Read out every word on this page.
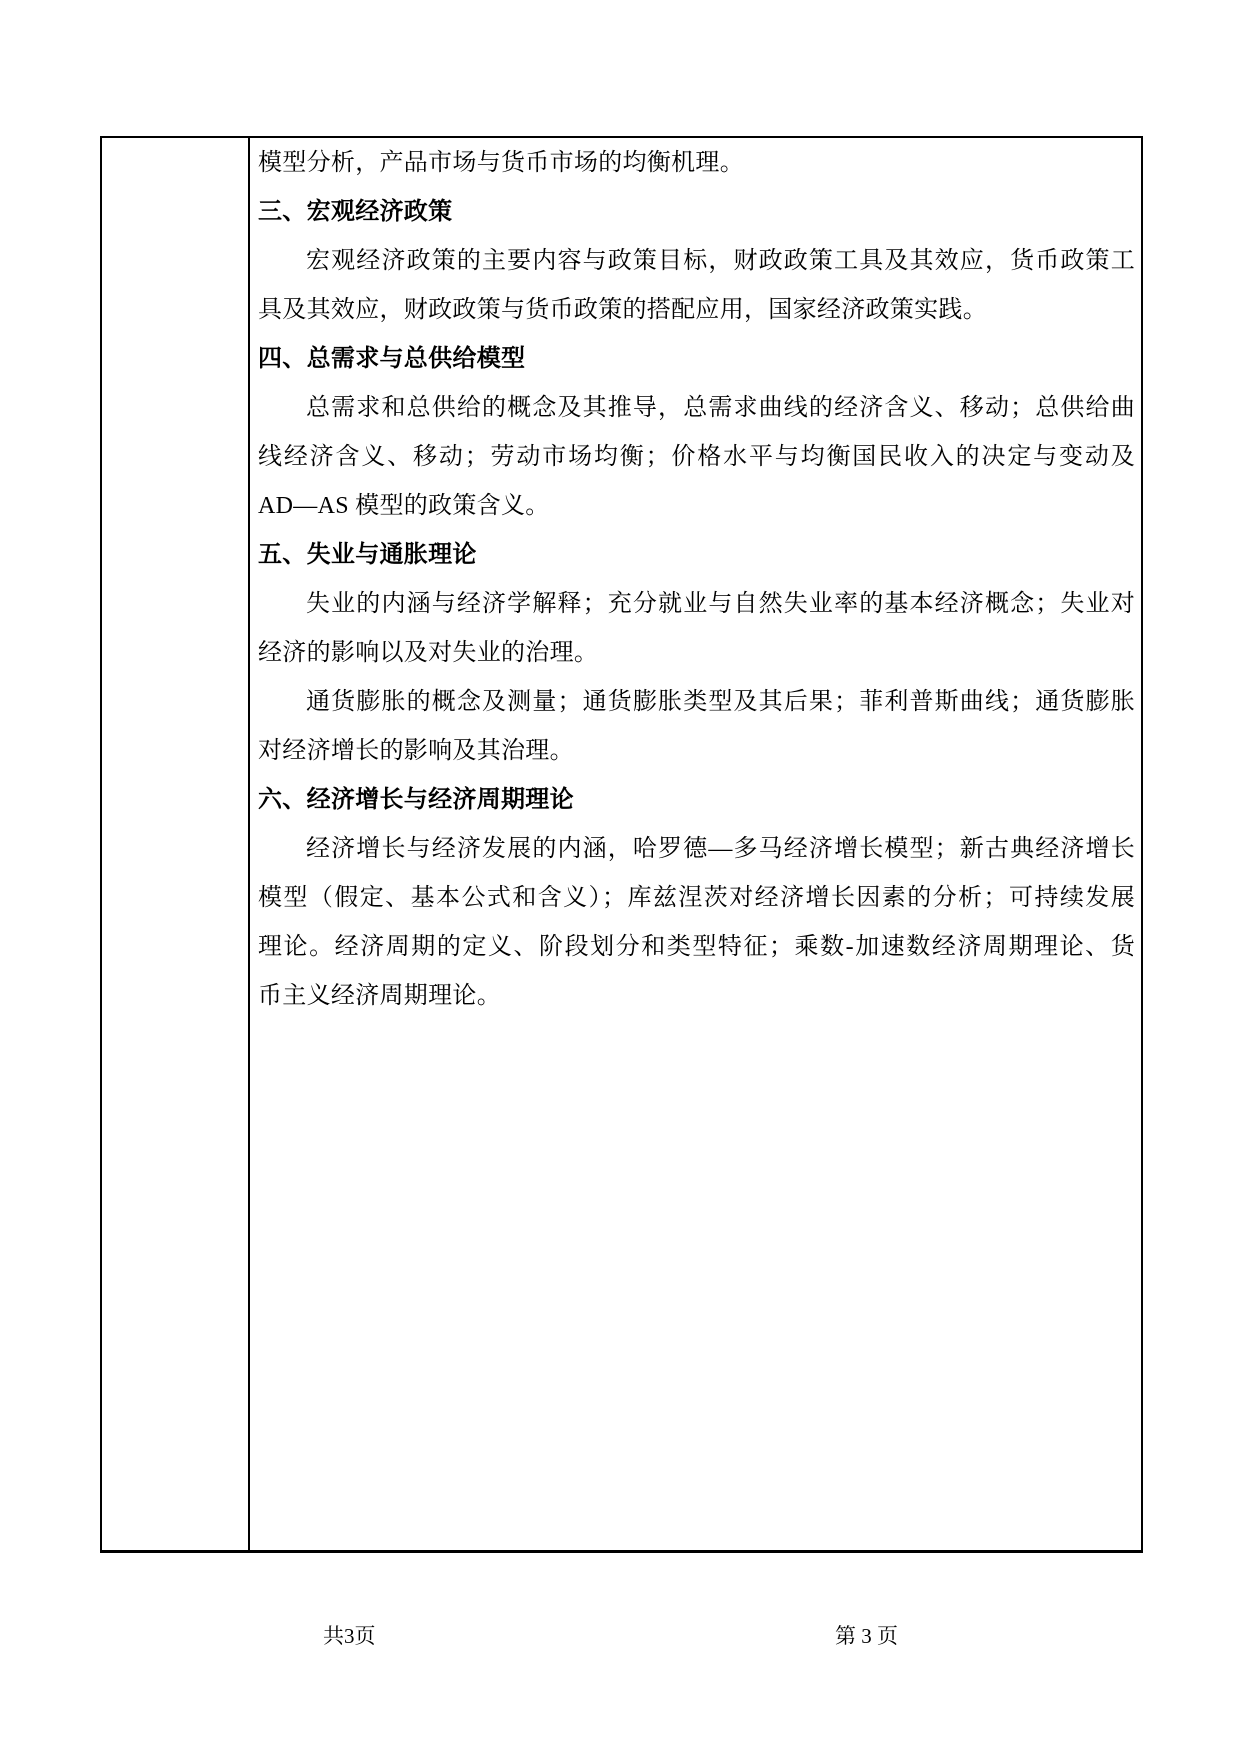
模型分析，产品市场与货币市场的均衡机理。
三、宏观经济政策
宏观经济政策的主要内容与政策目标，财政政策工具及其效应，货币政策工
具及其效应，财政政策与货币政策的搭配应用，国家经济政策实践。
四、总需求与总供给模型
总需求和总供给的概念及其推导，总需求曲线的经济含义、移动；总供给曲
线经济含义、移动；劳动市场均衡；价格水平与均衡国民收入的决定与变动及
AD—AS 模型的政策含义。
五、失业与通胀理论
失业的内涵与经济学解释；充分就业与自然失业率的基本经济概念；失业对
经济的影响以及对失业的治理。
通货膨胀的概念及测量；通货膨胀类型及其后果；菲利普斯曲线；通货膨胀
对经济增长的影响及其治理。
六、经济增长与经济周期理论
经济增长与经济发展的内涵，哈罗德—多马经济增长模型；新古典经济增长
模型（假定、基本公式和含义）；库兹涅茨对经济增长因素的分析；可持续发展
理论。经济周期的定义、阶段划分和类型特征；乘数-加速数经济周期理论、货
币主义经济周期理论。
共3页	第 3 页
